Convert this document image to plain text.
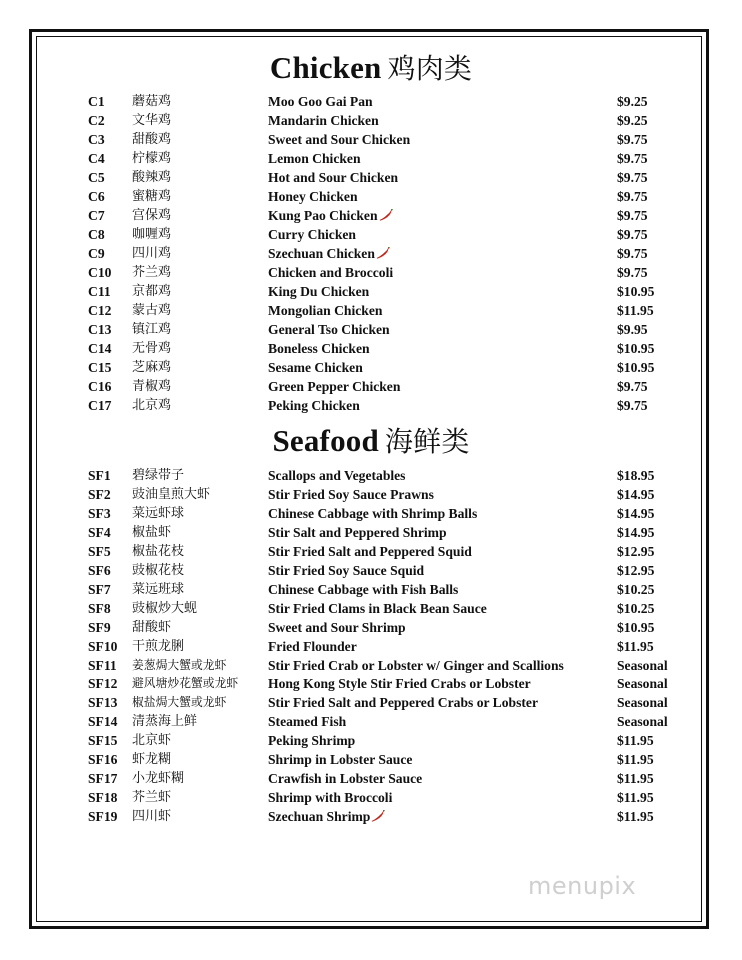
Chicken 鸡肉类
C1 蘑菇鸡	Moo Goo Gai Pan	$9.25
C2 文华鸡	Mandarin Chicken	$9.25
C3 甜酸鸡	Sweet and Sour Chicken	$9.75
C4 柠檬鸡	Lemon Chicken	$9.75
C5 酸辣鸡	Hot and Sour Chicken	$9.75
C6 蜜糖鸡	Honey Chicken	$9.75
C7 宫保鸡	Kung Pao Chicken	$9.75
C8 咖喱鸡	Curry Chicken	$9.75
C9 四川鸡	Szechuan Chicken	$9.75
C10 芥兰鸡	Chicken and Broccoli	$9.75
C11 京都鸡	King Du Chicken	$10.95
C12 蒙古鸡	Mongolian Chicken	$11.95
C13 镇江鸡	General Tso Chicken	$9.95
C14 无骨鸡	Boneless Chicken	$10.95
C15 芝麻鸡	Sesame Chicken	$10.95
C16 青椒鸡	Green Pepper Chicken	$9.75
C17 北京鸡	Peking Chicken	$9.75
Seafood 海鲜类
SF1 碧绿带子	Scallops and Vegetables	$18.95
SF2 豉油皇煎大虾	Stir Fried Soy Sauce Prawns	$14.95
SF3 菜远虾球	Chinese Cabbage with Shrimp Balls	$14.95
SF4 椒盐虾	Stir Salt and Peppered Shrimp	$14.95
SF5 椒盐花枝	Stir Fried Salt and Peppered Squid	$12.95
SF6 豉椒花枝	Stir Fried Soy Sauce Squid	$12.95
SF7 菜远班球	Chinese Cabbage with Fish Balls	$10.25
SF8 豉椒炒大蚬	Stir Fried Clams in Black Bean Sauce	$10.25
SF9 甜酸虾	Sweet and Sour Shrimp	$10.95
SF10 干煎龙脷	Fried Flounder	$11.95
SF11 姜葱焗大蟹或龙虾	Stir Fried Crab or Lobster w/ Ginger and Scallions	Seasonal
SF12 避风塘炒花蟹或龙虾 Hong Kong Style Stir Fried Crabs or Lobster	Seasonal
SF13 椒盐焗大蟹或龙虾	Stir Fried Salt and Peppered Crabs or Lobster	Seasonal
SF14 清蒸海上鲜	Steamed Fish	Seasonal
SF15 北京虾	Peking Shrimp	$11.95
SF16 虾龙糊	Shrimp in Lobster Sauce	$11.95
SF17 小龙虾糊	Crawfish in Lobster Sauce	$11.95
SF18 芥兰虾	Shrimp with Broccoli	$11.95
SF19 四川虾	Szechuan Shrimp	$11.95
menupix
